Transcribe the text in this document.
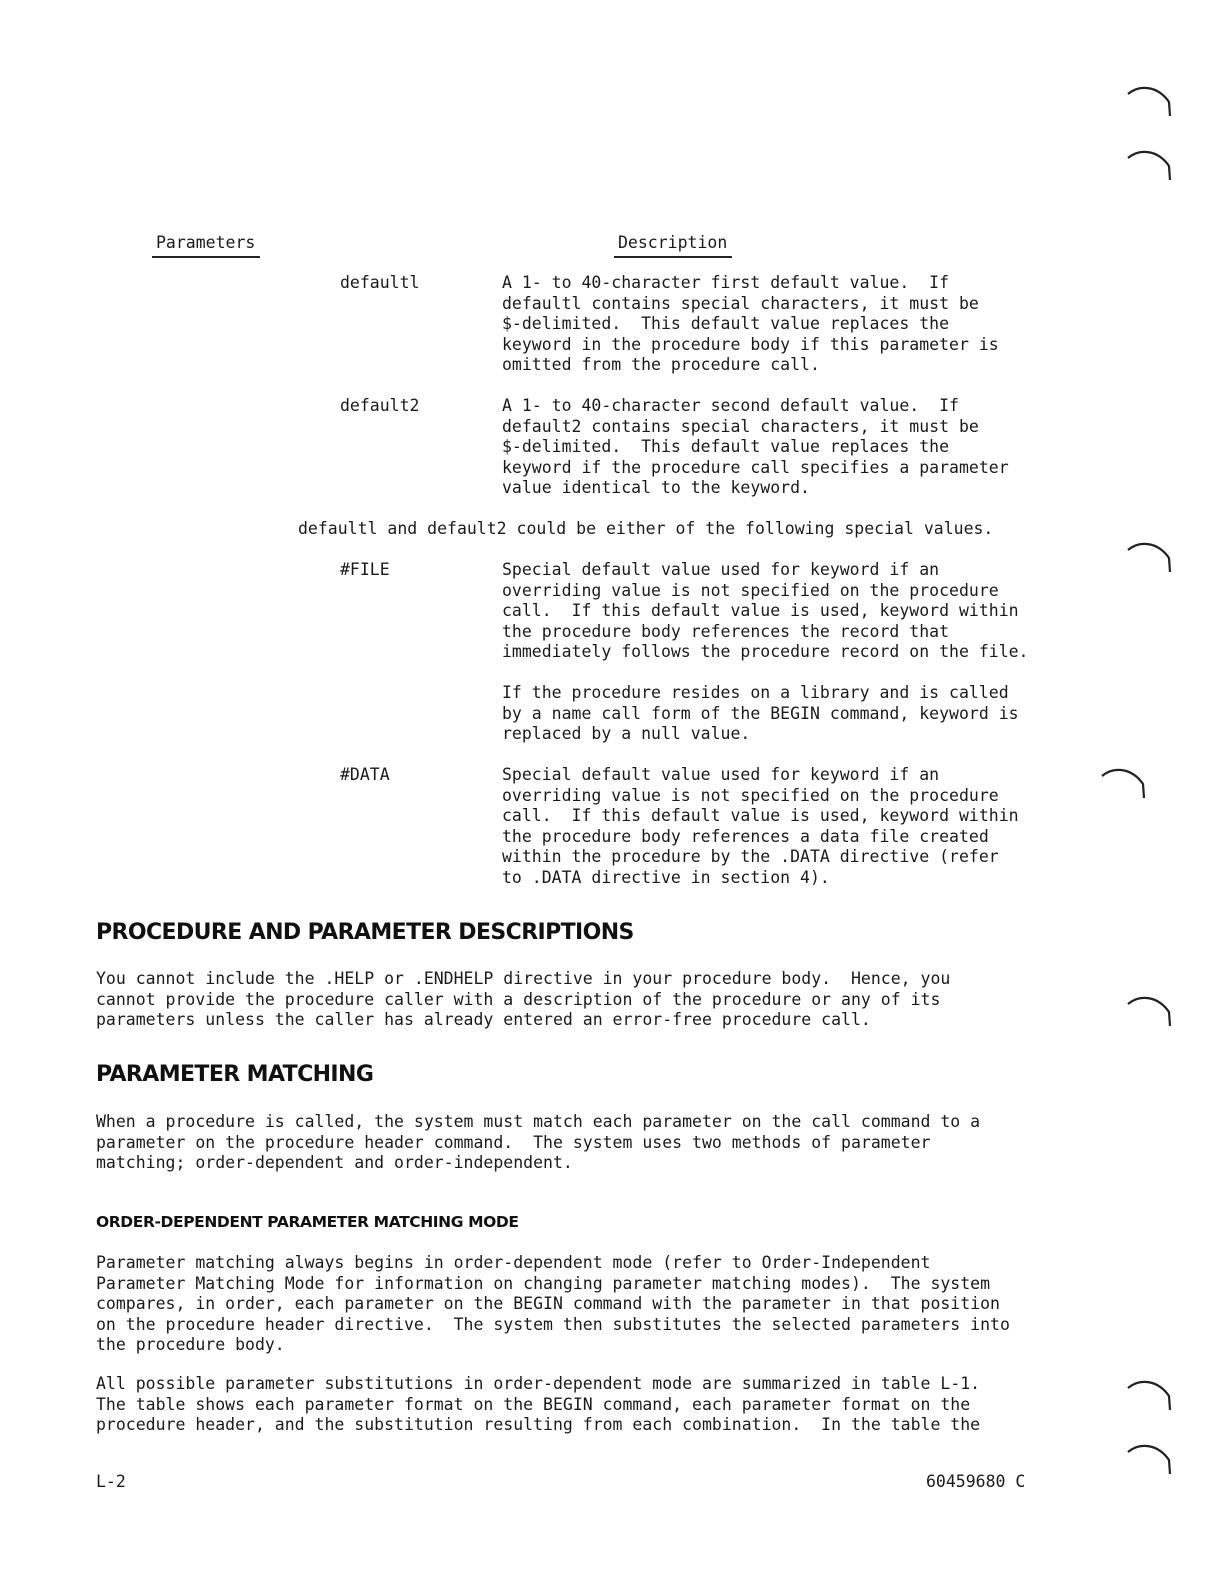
Parameters	Description
defaultl	A 1- to 40-character first default value.  If
defaultl contains special characters, it must be
$-delimited.  This default value replaces the
keyword in the procedure body if this parameter is
omitted from the procedure call.
default2	A 1- to 40-character second default value.  If
default2 contains special characters, it must be
$-delimited.  This default value replaces the
keyword if the procedure call specifies a parameter
value identical to the keyword.
defaultl and default2 could be either of the following special values.
#FILE	Special default value used for keyword if an
overriding value is not specified on the procedure
call.  If this default value is used, keyword within
the procedure body references the record that
immediately follows the procedure record on the file.
If the procedure resides on a library and is called
by a name call form of the BEGIN command, keyword is
replaced by a null value.
#DATA	Special default value used for keyword if an
overriding value is not specified on the procedure
call.  If this default value is used, keyword within
the procedure body references a data file created
within the procedure by the .DATA directive (refer
to .DATA directive in section 4).
PROCEDURE AND PARAMETER DESCRIPTIONS
You cannot include the .HELP or .ENDHELP directive in your procedure body.  Hence, you
cannot provide the procedure caller with a description of the procedure or any of its
parameters unless the caller has already entered an error-free procedure call.
PARAMETER MATCHING
When a procedure is called, the system must match each parameter on the call command to a
parameter on the procedure header command.  The system uses two methods of parameter
matching; order-dependent and order-independent.
ORDER-DEPENDENT PARAMETER MATCHING MODE
Parameter matching always begins in order-dependent mode (refer to Order-Independent
Parameter Matching Mode for information on changing parameter matching modes).  The system
compares, in order, each parameter on the BEGIN command with the parameter in that position
on the procedure header directive.  The system then substitutes the selected parameters into
the procedure body.
All possible parameter substitutions in order-dependent mode are summarized in table L-1.
The table shows each parameter format on the BEGIN command, each parameter format on the
procedure header, and the substitution resulting from each combination.  In the table the
L-2	60459680 C
